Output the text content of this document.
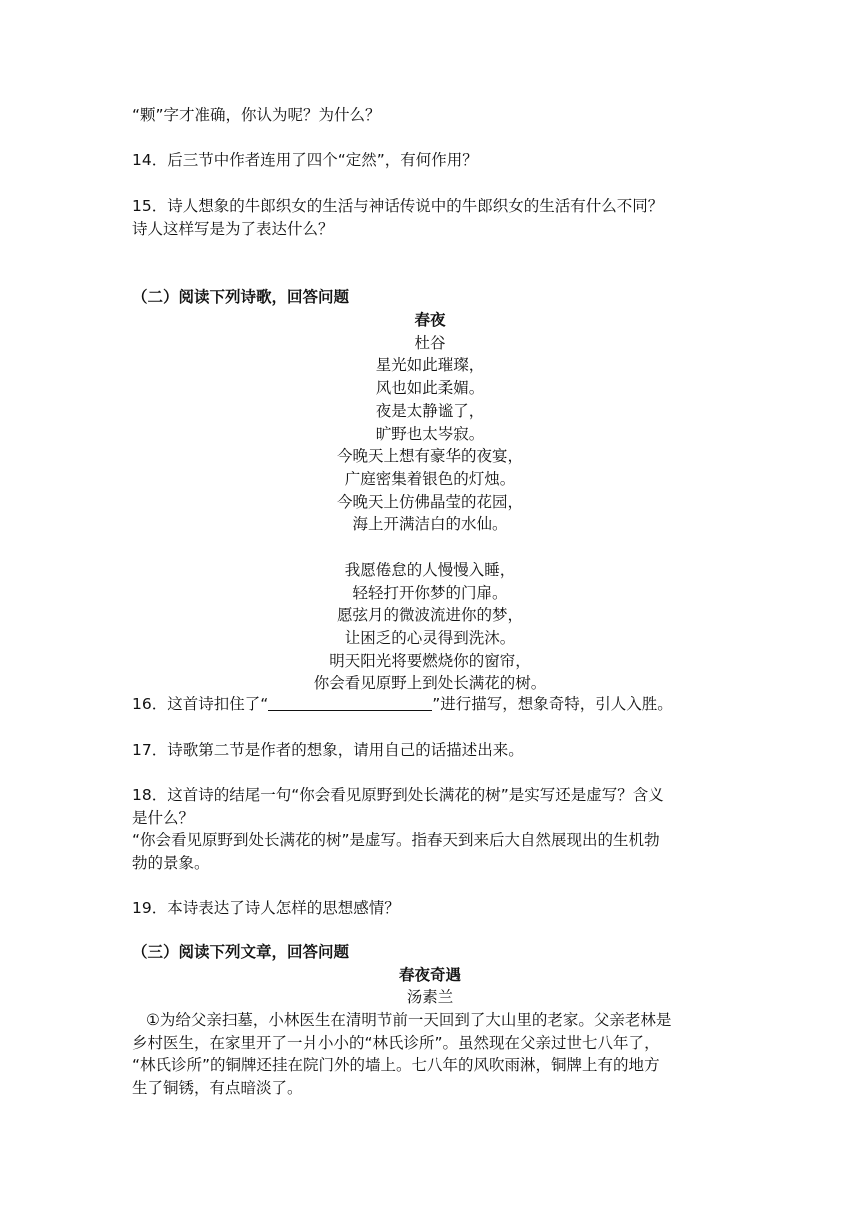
“颗”字才准确，你认为呢？为什么？
14．后三节中作者连用了四个“定然”，有何作用？
15．诗人想象的牛郎织女的生活与神话传说中的牛郎织女的生活有什么不同？
诗人这样写是为了表达什么？
（二）阅读下列诗歌，回答问题
春夜
杜谷
星光如此璀璨，
风也如此柔媚。
夜是太静谧了，
旷野也太岑寂。
今晚天上想有豪华的夜宴，
广庭密集着银色的灯烛。
今晚天上仿佛晶莹的花园，
海上开满洁白的水仙。
我愿倦怠的人慢慢入睡，
轻轻打开你梦的门扉。
愿弦月的微波流进你的梦，
让困乏的心灵得到洗沐。
明天阳光将要燃烧你的窗帘，
你会看见原野上到处长满花的树。
16．这首诗扣住了“	”进行描写，想象奇特，引人入胜。
17．诗歌第二节是作者的想象，请用自己的话描述出来。
18．这首诗的结尾一句“你会看见原野到处长满花的树”是实写还是虚写？含义
是什么？
“你会看见原野到处长满花的树”是虚写。指春天到来后大自然展现出的生机勃
勃的景象。
19．本诗表达了诗人怎样的思想感情？
（三）阅读下列文章，回答问题
春夜奇遇
汤素兰
①为给父亲扫墓，小林医生在清明节前一天回到了大山里的老家。父亲老林是
乡村医生，在家里开了一爿小小的“林氏诊所”。虽然现在父亲过世七八年了，
“林氏诊所”的铜牌还挂在院门外的墙上。七八年的风吹雨淋，铜牌上有的地方
生了铜锈，有点暗淡了。
